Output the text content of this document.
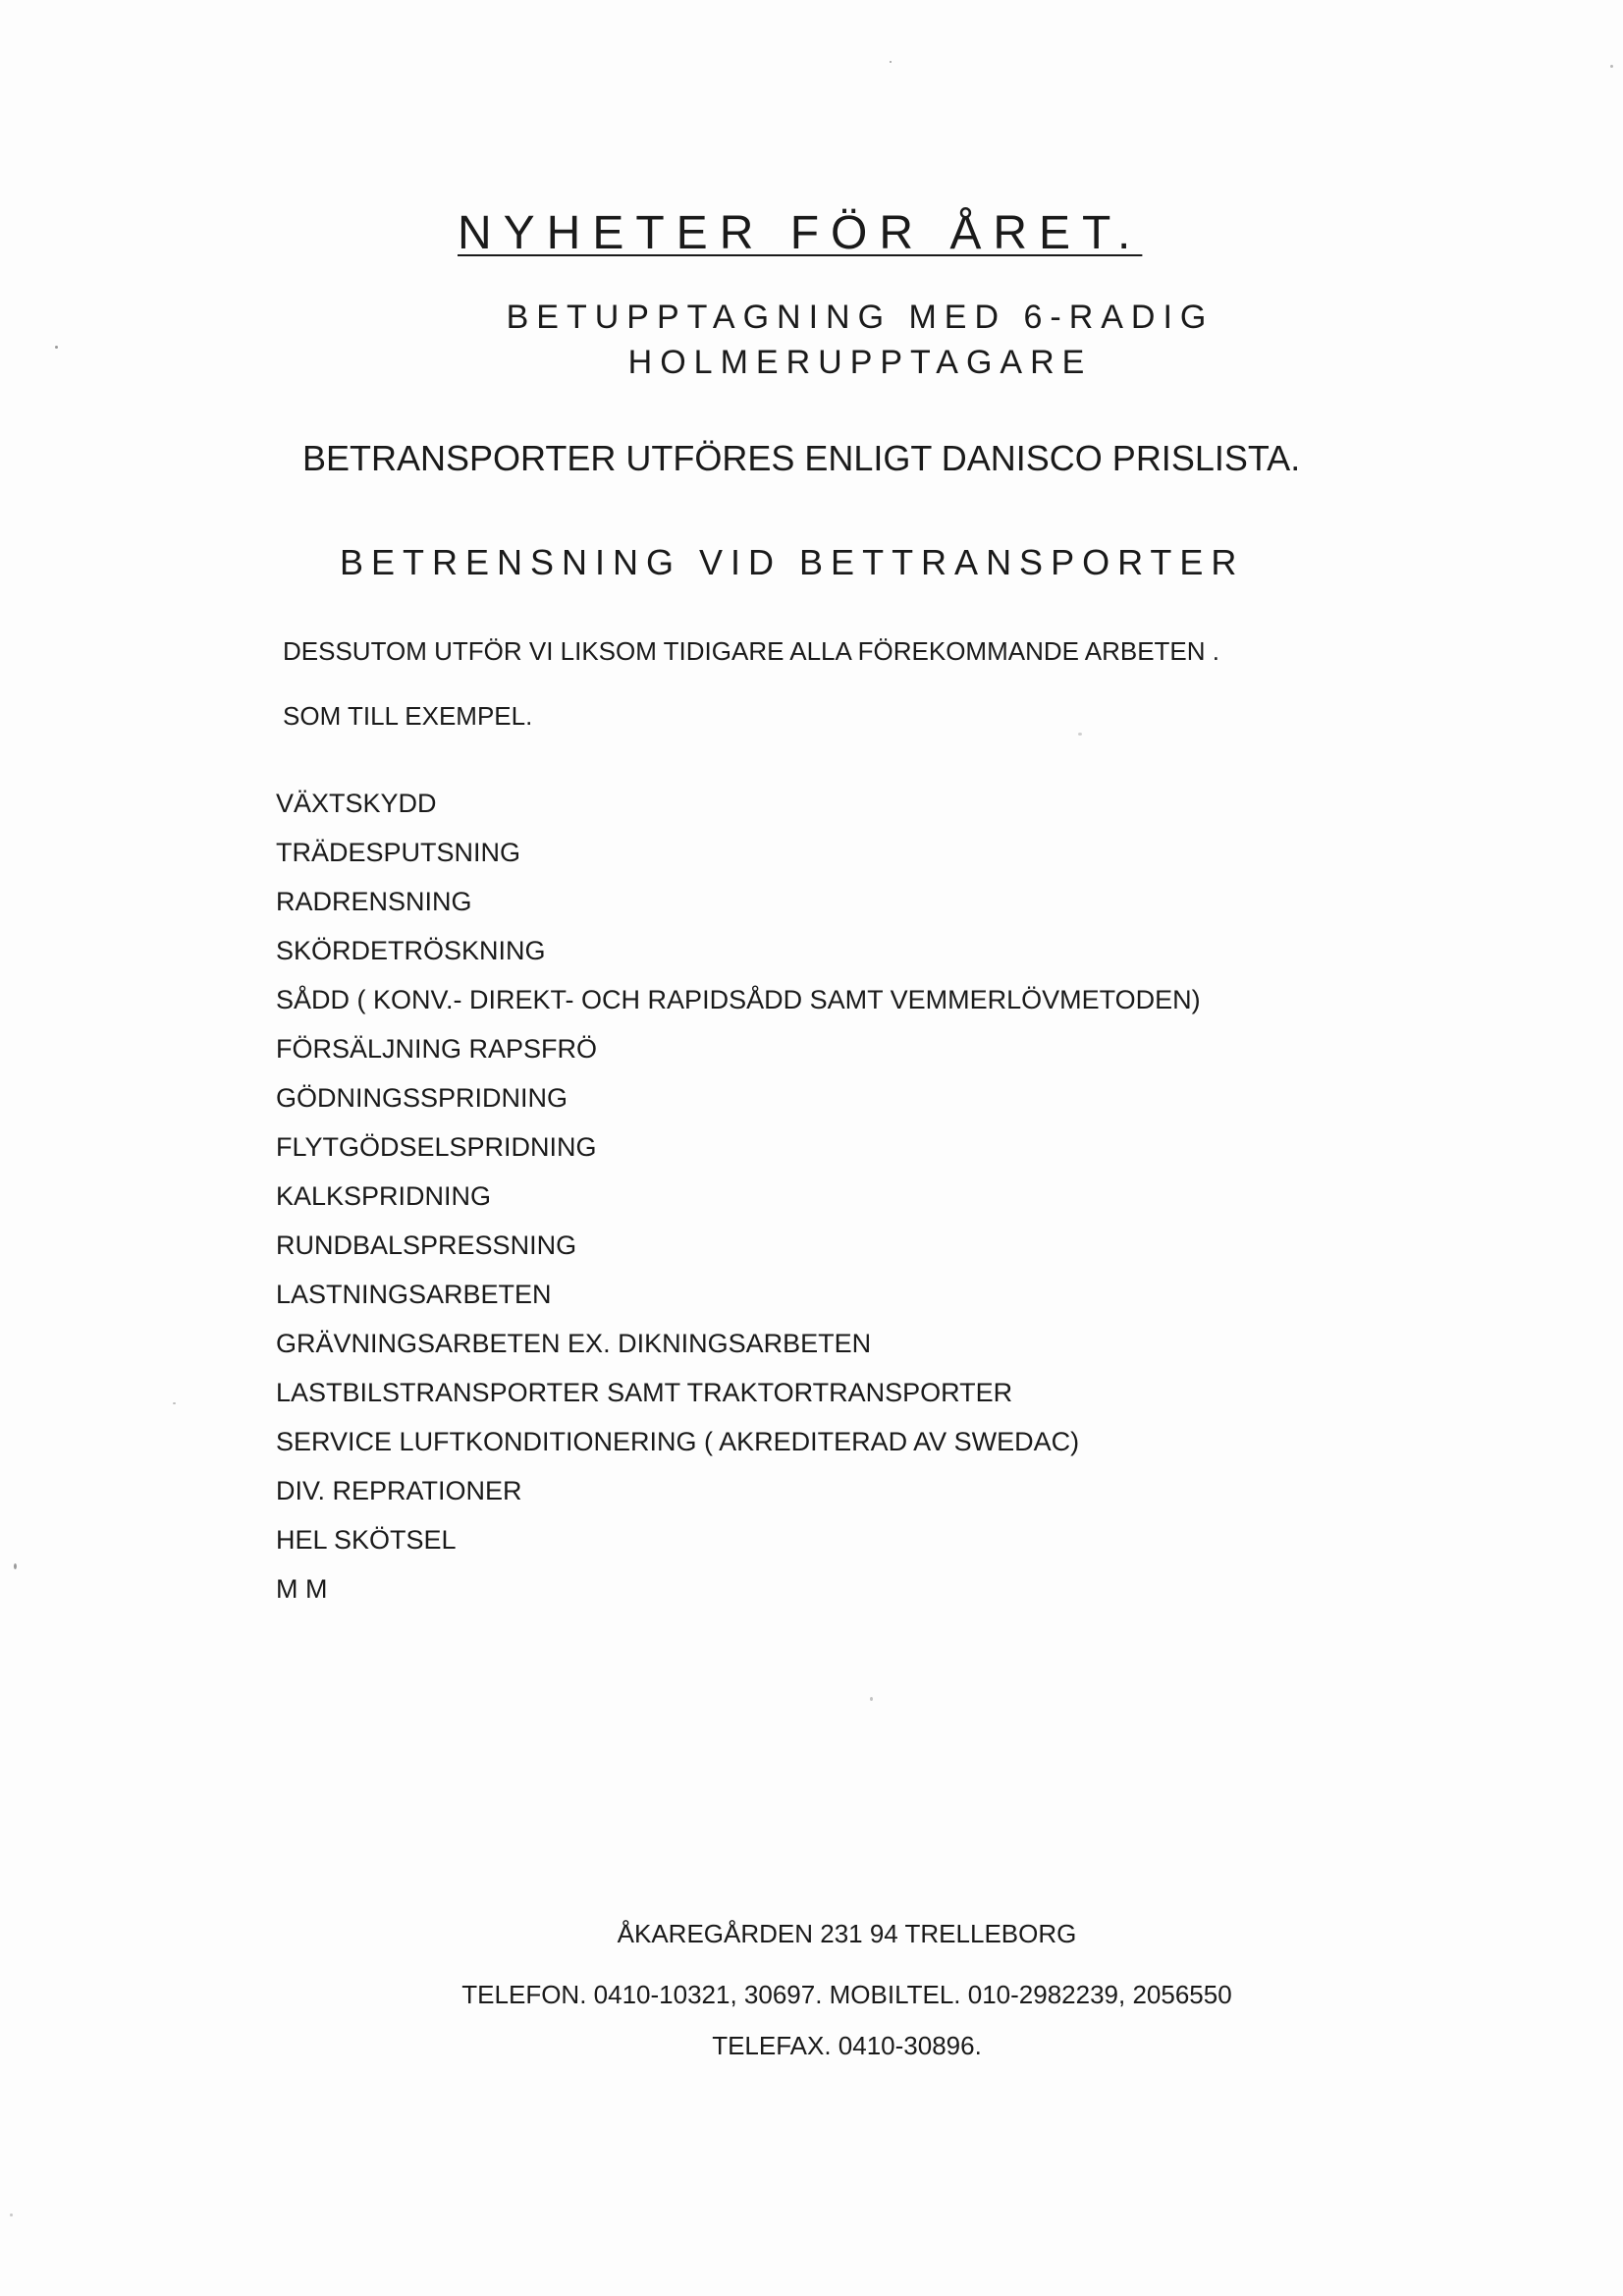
NYHETER FÖR ÅRET.
BETUPPTAGNING MED 6-RADIG
HOLMERUPPTAGARE

BETRANSPORTER UTFÖRES ENLIGT DANISCO PRISLISTA.

BETRENSNING VID BETTRANSPORTER

DESSUTOM UTFÖR VI LIKSOM TIDIGARE ALLA FÖREKOMMANDE ARBETEN .

SOM TILL EXEMPEL.

VÄXTSKYDD
TRÄDESPUTSNING
RADRENSNING
SKÖRDETRÖSKNING
SÅDD ( KONV.- DIREKT- OCH RAPIDSÅDD SAMT VEMMERLÖVMETODEN)
FÖRSÄLJNING RAPSFRÖ
GÖDNINGSSPRIDNING
FLYTGÖDSELSPRIDNING
KALKSPRIDNING
RUNDBALSPRESSNING
LASTNINGSARBETEN
GRÄVNINGSARBETEN EX. DIKNINGSARBETEN
LASTBILSTRANSPORTER SAMT TRAKTORTRANSPORTER
SERVICE LUFTKONDITIONERING ( AKREDITERAD AV SWEDAC)
DIV. REPRATIONER
HEL SKÖTSEL
M M

ÅKAREGÅRDEN 231 94 TRELLEBORG

TELEFON. 0410-10321, 30697. MOBILTEL. 010-2982239, 2056550

TELEFAX. 0410-30896.
